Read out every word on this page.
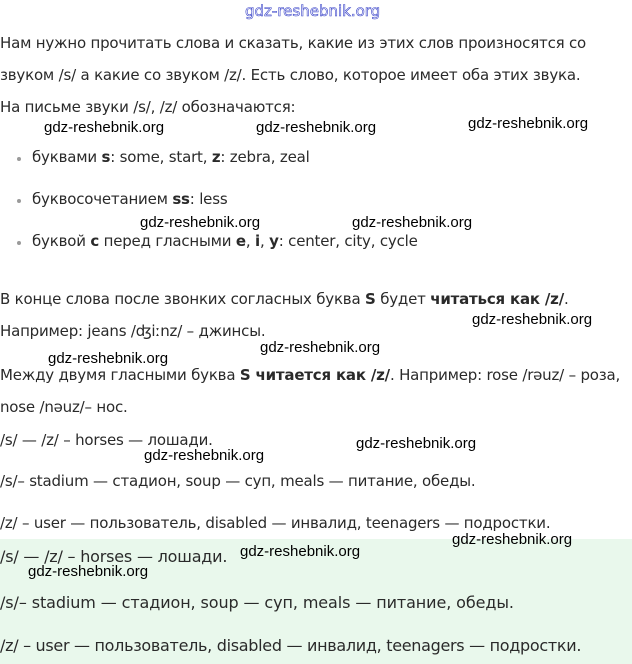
gdz-reshebnik.org
Нам нужно прочитать слова и сказать, какие из этих слов произносятся со
звуком /s/ а какие со звуком /z/. Есть слово, которое имеет оба этих звука.
На письме звуки /s/, /z/ обозначаются:
буквами s: some, start, z: zebra, zeal
буквосочетанием ss: less
буквой с перед гласными e, i, y: center, city, cycle
В конце слова после звонких согласных буква S будет читаться как /z/.
Например: jeans /ʤiːnz/ – джинсы.
Между двумя гласными буква S читается как /z/. Например: rose /rəuz/ – роза,
nose /nəuz/– нос.
/s/ — /z/ – horses — лошади.
/s/– stadium — стадион, soup — суп, meals — питание, обеды.
/z/ – user — пользователь, disabled — инвалид, teenagers — подростки.
/s/ — /z/ – horses — лошади.
/s/– stadium — стадион, soup — суп, meals — питание, обеды.
/z/ – user — пользователь, disabled — инвалид, teenagers — подростки.
gdz-reshebnik.org	gdz-reshebnik.org	gdz-reshebnik.org
gdz-reshebnik.org	gdz-reshebnik.org
gdz-reshebnik.org
gdz-reshebnik.org
gdz-reshebnik.org
gdz-reshebnik.org
gdz-reshebnik.org
gdz-reshebnik.org
gdz-reshebnik.org
gdz-reshebnik.org
